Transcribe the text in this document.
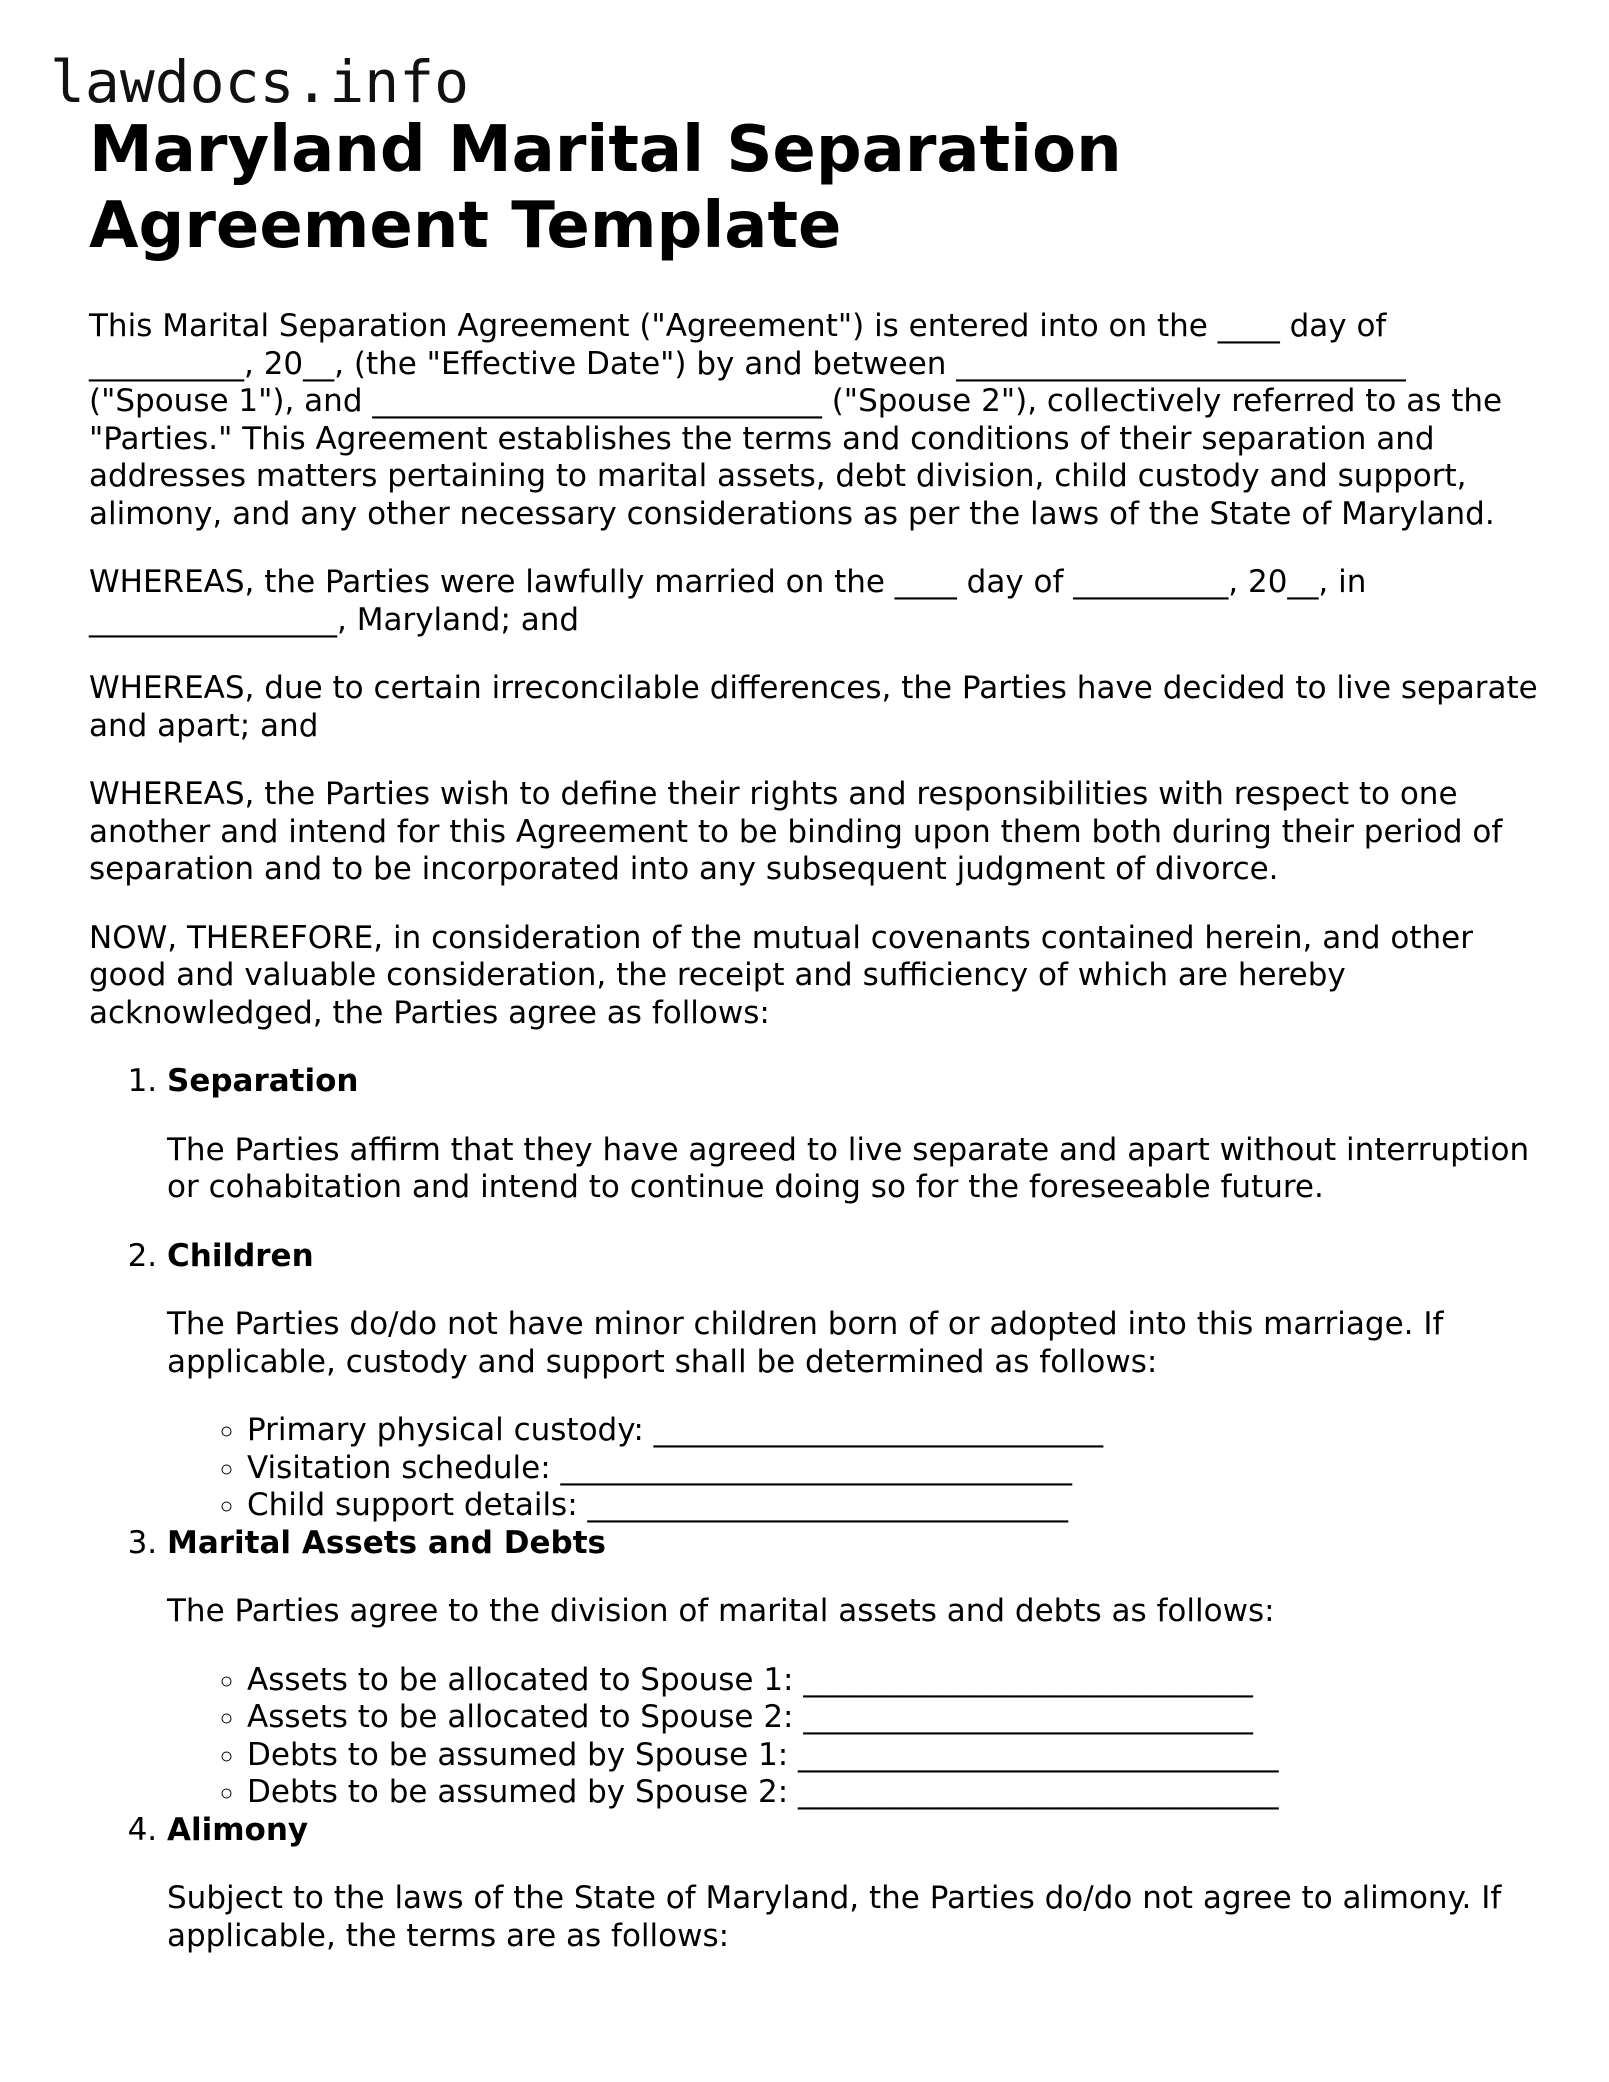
lawdocs.info
Maryland Marital Separation Agreement Template

This Marital Separation Agreement ("Agreement") is entered into on the ____ day of __________, 20__, (the "Effective Date") by and between _____________________________ ("Spouse 1"), and _____________________________ ("Spouse 2"), collectively referred to as the "Parties." This Agreement establishes the terms and conditions of their separation and addresses matters pertaining to marital assets, debt division, child custody and support, alimony, and any other necessary considerations as per the laws of the State of Maryland.

WHEREAS, the Parties were lawfully married on the ____ day of __________, 20__, in ________________, Maryland; and

WHEREAS, due to certain irreconcilable differences, the Parties have decided to live separate and apart; and

WHEREAS, the Parties wish to define their rights and responsibilities with respect to one another and intend for this Agreement to be binding upon them both during their period of separation and to be incorporated into any subsequent judgment of divorce.

NOW, THEREFORE, in consideration of the mutual covenants contained herein, and other good and valuable consideration, the receipt and sufficiency of which are hereby acknowledged, the Parties agree as follows:

1. Separation

The Parties affirm that they have agreed to live separate and apart without interruption or cohabitation and intend to continue doing so for the foreseeable future.

2. Children

The Parties do/do not have minor children born of or adopted into this marriage. If applicable, custody and support shall be determined as follows:

◦ Primary physical custody: _____________________________
◦ Visitation schedule: _________________________________
◦ Child support details: _______________________________
3. Marital Assets and Debts

The Parties agree to the division of marital assets and debts as follows:

◦ Assets to be allocated to Spouse 1: _____________________________
◦ Assets to be allocated to Spouse 2: _____________________________
◦ Debts to be assumed by Spouse 1: _______________________________
◦ Debts to be assumed by Spouse 2: _______________________________
4. Alimony

Subject to the laws of the State of Maryland, the Parties do/do not agree to alimony. If applicable, the terms are as follows:
